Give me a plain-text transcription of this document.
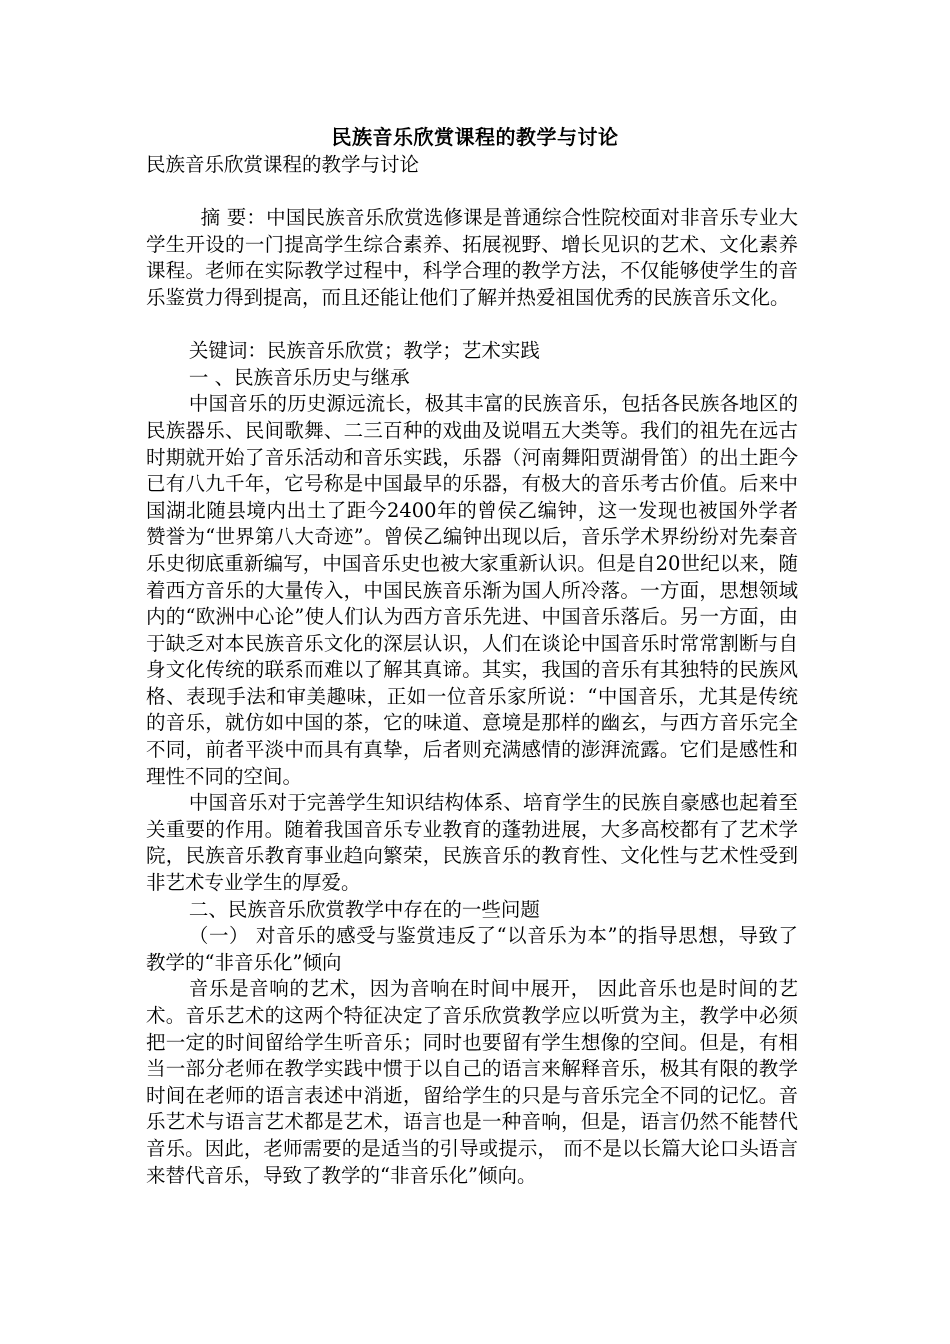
民族音乐欣赏课程的教学与讨论

民族音乐欣赏课程的教学与讨论

摘 要：中国民族音乐欣赏选修课是普通综合性院校面对非音乐专业大学生开设的一门提高学生综合素养、拓展视野、增长见识的艺术、文化素养课程。老师在实际教学过程中，科学合理的教学方法，不仅能够使学生的音乐鉴赏力得到提高，而且还能让他们了解并热爱祖国优秀的民族音乐文化。

关键词：民族音乐欣赏；教学；艺术实践

一 、民族音乐历史与继承

中国音乐的历史源远流长，极其丰富的民族音乐，包括各民族各地区的民族器乐、民间歌舞、二三百种的戏曲及说唱五大类等。我们的祖先在远古时期就开始了音乐活动和音乐实践，乐器（河南舞阳贾湖骨笛）的出土距今已有八九千年，它号称是中国最早的乐器，有极大的音乐考古价值。后来中国湖北随县境内出土了距今2400年的曾侯乙编钟，这一发现也被国外学者赞誉为“世界第八大奇迹”。曾侯乙编钟出现以后，音乐学术界纷纷对先秦音乐史彻底重新编写，中国音乐史也被大家重新认识。但是自20世纪以来，随着西方音乐的大量传入，中国民族音乐渐为国人所冷落。一方面，思想领域内的“欧洲中心论”使人们认为西方音乐先进、中国音乐落后。另一方面，由于缺乏对本民族音乐文化的深层认识，人们在谈论中国音乐时常常割断与自身文化传统的联系而难以了解其真谛。其实，我国的音乐有其独特的民族风格、表现手法和审美趣味，正如一位音乐家所说：“中国音乐，尤其是传统的音乐，就仿如中国的茶，它的味道、意境是那样的幽玄，与西方音乐完全不同，前者平淡中而具有真挚，后者则充满感情的澎湃流露。它们是感性和理性不同的空间。

中国音乐对于完善学生知识结构体系、培育学生的民族自豪感也起着至关重要的作用。随着我国音乐专业教育的蓬勃进展，大多高校都有了艺术学院，民族音乐教育事业趋向繁荣，民族音乐的教育性、文化性与艺术性受到非艺术专业学生的厚爱。

二、民族音乐欣赏教学中存在的一些问题

（一） 对音乐的感受与鉴赏违反了“以音乐为本”的指导思想，导致了教学的“非音乐化”倾向

音乐是音响的艺术，因为音响在时间中展开， 因此音乐也是时间的艺术。音乐艺术的这两个特征决定了音乐欣赏教学应以听赏为主，教学中必须把一定的时间留给学生听音乐；同时也要留有学生想像的空间。但是，有相当一部分老师在教学实践中惯于以自己的语言来解释音乐，极其有限的教学时间在老师的语言表述中消逝，留给学生的只是与音乐完全不同的记忆。音乐艺术与语言艺术都是艺术，语言也是一种音响，但是，语言仍然不能替代音乐。因此，老师需要的是适当的引导或提示， 而不是以长篇大论口头语言来替代音乐，导致了教学的“非音乐化”倾向。
